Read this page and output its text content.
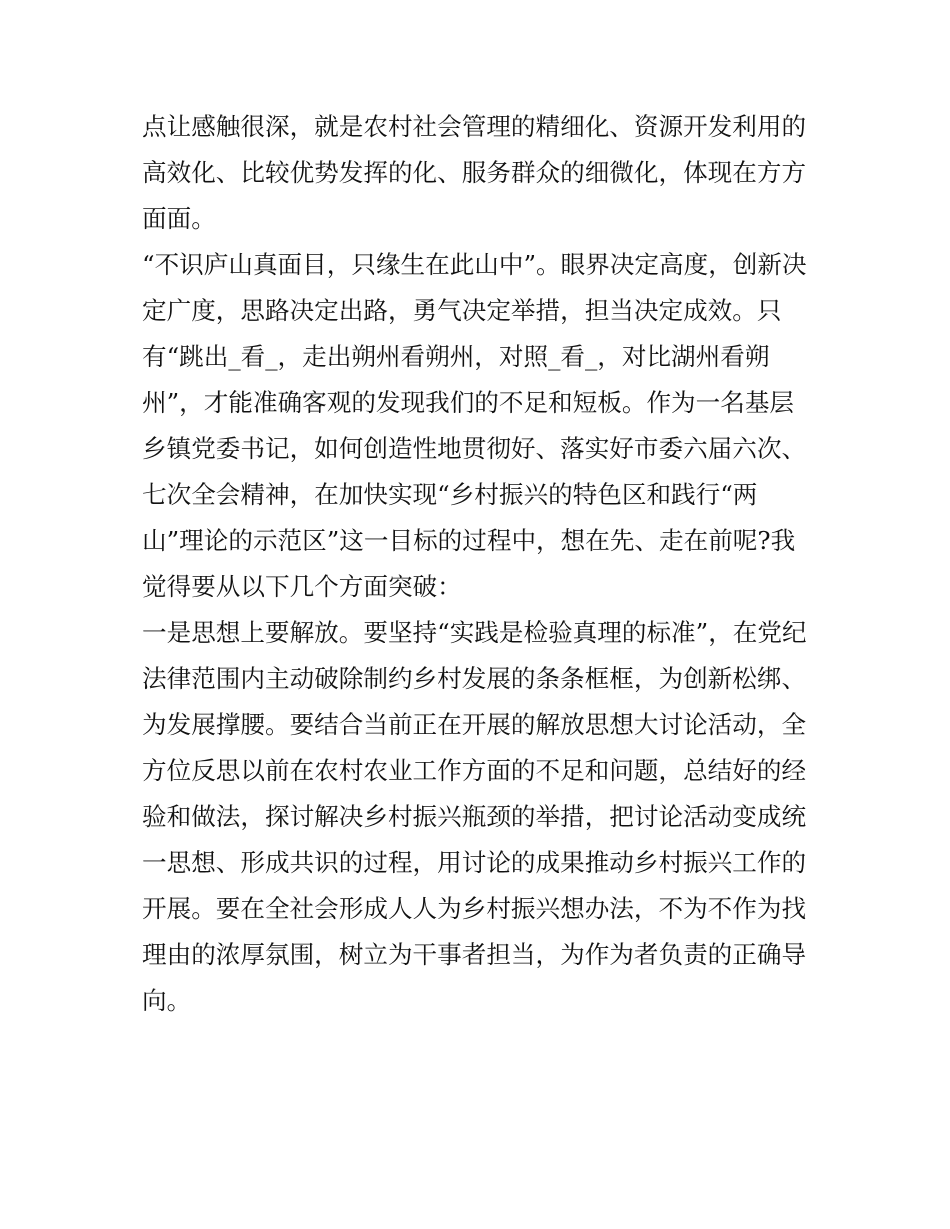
点让感触很深，就是农村社会管理的精细化、资源开发利用的
高效化、比较优势发挥的化、服务群众的细微化，体现在方方
面面。
“不识庐山真面目，只缘生在此山中”。眼界决定高度，创新决
定广度，思路决定出路，勇气决定举措，担当决定成效。只
有“跳出_看_，走出朔州看朔州，对照_看_，对比湖州看朔
州”，才能准确客观的发现我们的不足和短板。作为一名基层
乡镇党委书记，如何创造性地贯彻好、落实好市委六届六次、
七次全会精神，在加快实现“乡村振兴的特色区和践行“两
山”理论的示范区”这一目标的过程中，想在先、走在前呢?我
觉得要从以下几个方面突破：
一是思想上要解放。要坚持“实践是检验真理的标准”，在党纪
法律范围内主动破除制约乡村发展的条条框框，为创新松绑、
为发展撑腰。要结合当前正在开展的解放思想大讨论活动，全
方位反思以前在农村农业工作方面的不足和问题，总结好的经
验和做法，探讨解决乡村振兴瓶颈的举措，把讨论活动变成统
一思想、形成共识的过程，用讨论的成果推动乡村振兴工作的
开展。要在全社会形成人人为乡村振兴想办法，不为不作为找
理由的浓厚氛围，树立为干事者担当，为作为者负责的正确导
向。
